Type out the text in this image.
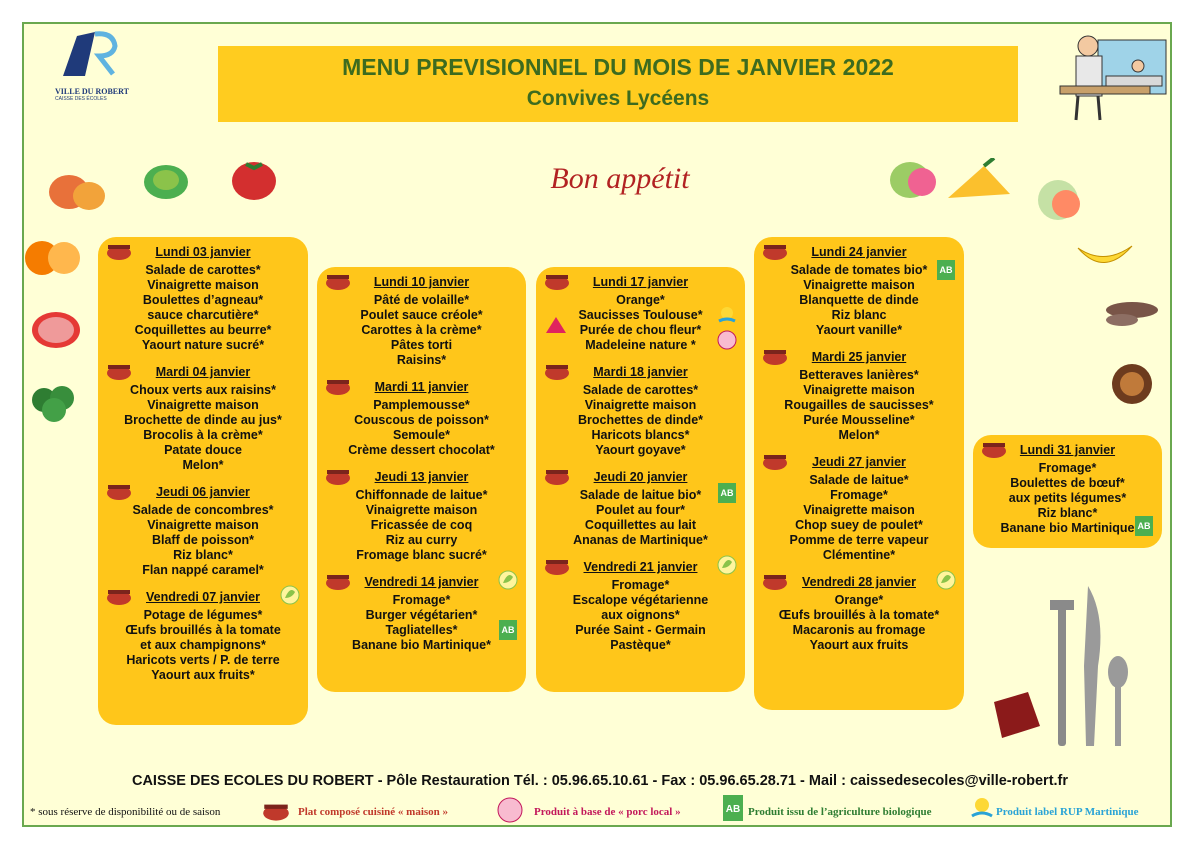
VILLE DU ROBERT
CAISSE DES ÉCOLES
MENU PREVISIONNEL DU MOIS DE JANVIER 2022
Convives Lycéens
Bon appétit
Lundi 03 janvier
Salade de carottes*
Vinaigrette maison
Boulettes d’agneau*
sauce charcutière*
Coquillettes au beurre*
Yaourt nature sucré*
Mardi 04 janvier
Choux verts aux raisins*
Vinaigrette maison
Brochette de dinde au jus*
Brocolis à la crème*
Patate douce
Melon*
Jeudi 06 janvier
Salade de concombres*
Vinaigrette maison
Blaff de poisson*
Riz blanc*
Flan nappé caramel*
Vendredi 07 janvier
Potage de légumes*
Œufs brouillés à la tomate
et aux champignons*
Haricots verts / P. de terre
Yaourt aux fruits*
Lundi 10 janvier
Pâté de volaille*
Poulet sauce créole*
Carottes à la crème*
Pâtes torti
Raisins*
Mardi 11 janvier
Pamplemousse*
Couscous de poisson*
Semoule*
Crème dessert chocolat*
Jeudi 13 janvier
Chiffonnade de laitue*
Vinaigrette maison
Fricassée de coq
Riz au curry
Fromage blanc sucré*
AB
Vendredi 14 janvier
Fromage*
Burger végétarien*
Tagliatelles*
Banane bio Martinique*
Lundi 17 janvier
Orange*
Saucisses Toulouse*
Purée de chou fleur*
Madeleine nature *
Mardi 18 janvier
Salade de carottes*
Vinaigrette maison
Brochettes de dinde*
Haricots blancs*
Yaourt goyave*
AB
Jeudi 20 janvier
Salade de laitue bio*
Poulet au four*
Coquillettes au lait
Ananas de Martinique*
Vendredi 21 janvier
Fromage*
Escalope végétarienne
aux oignons*
Purée Saint - Germain
Pastèque*
AB
Lundi 24 janvier
Salade de tomates bio*
Vinaigrette maison
Blanquette de dinde
Riz blanc
Yaourt vanille*
Mardi 25 janvier
Betteraves lanières*
Vinaigrette maison
Rougailles de saucisses*
Purée Mousseline*
Melon*
Jeudi 27 janvier
Salade de laitue*
Fromage*
Vinaigrette maison
Chop suey de poulet*
Pomme de terre vapeur
Clémentine*
Vendredi 28 janvier
Orange*
Œufs brouillés à la tomate*
Macaronis au fromage
Yaourt aux fruits
AB
Lundi 31 janvier
Fromage*
Boulettes de bœuf*
aux petits légumes*
Riz blanc*
Banane bio Martinique
CAISSE DES ECOLES DU ROBERT - Pôle Restauration Tél. : 05.96.65.10.61 - Fax : 05.96.65.28.71 - Mail : caissedesecoles@ville-robert.fr
* sous réserve de disponibilité ou de saison	Plat composé cuisiné « maison »	Produit à base de « porc local »	AB Produit issu de l’agriculture biologique	Produit label RUP Martinique
